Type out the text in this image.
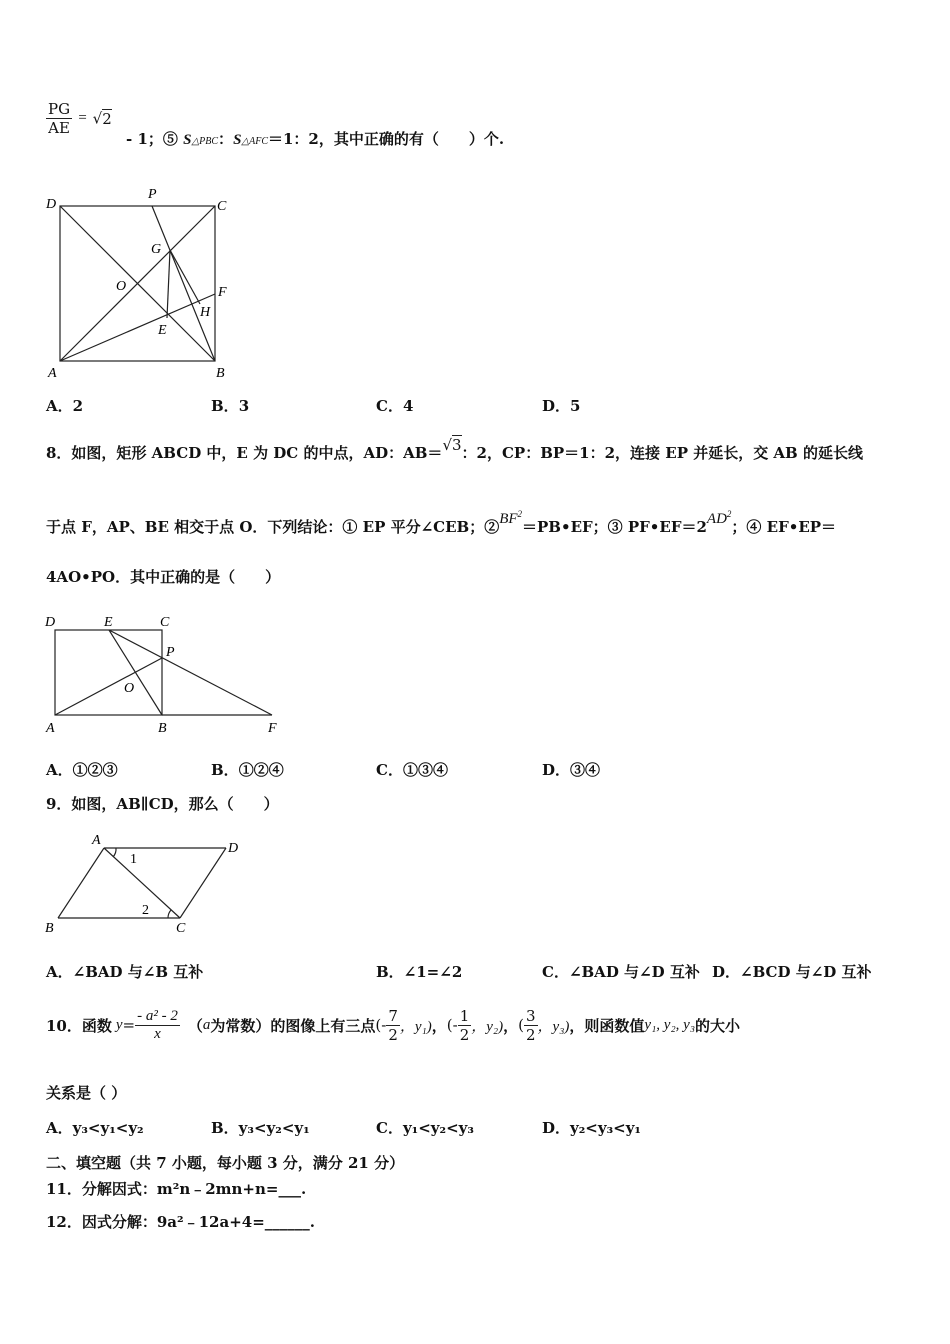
$\frac{PG}{AE} = √2$
- 1；⑤ S△PBC：S△AFC＝1：2，其中正确的有（　　）个.
D
P
C
G
O	F
H
E
A	B
A．2	B．3	C．4	D．5
8．如图，矩形 ABCD 中，E 为 DC 的中点，AD：AB＝√3：2，CP：BP＝1：2，连接 EP 并延长，交 AB 的延长线
于点 F，AP、BE 相交于点 O．下列结论：① EP 平分∠CEB；$②BF^2=PB•EF$；③ $PF•EF=2AD^2$；④ EF•EP＝
4AO•PO．其中正确的是（　　）
D	E	C
P
O
A	B	F
A．①②③	B．①②④	C．①③④	D．③④
9．如图，AB∥CD，那么（　　）
A
D
B	C
1
2
A．∠BAD 与∠B 互补	B．∠1=∠2	C．∠BAD 与∠D 互补 D．∠BCD 与∠D 互补
10．函数 $y = \frac{\text{- a² - 2}}{x}$ （ a 为常数）的图像上有三点 (- $\frac{7}{2}$ ，y₁) ， (- $\frac{1}{2}$ ，y₂) ， ( $\frac{3}{2}$ ，y₃) ，则函数值 y₁, y₂, y₃ 的大小
关系是（ ）
A．y₃<y₁<y₂	B．y₃<y₂<y₁	C．y₁<y₂<y₃	D．y₂<y₃<y₁
二、填空题（共 7 小题，每小题 3 分，满分 21 分）
11．分解因式：m²n﹣2mn+n=___.
12．因式分解：9a²﹣12a+4=______.
